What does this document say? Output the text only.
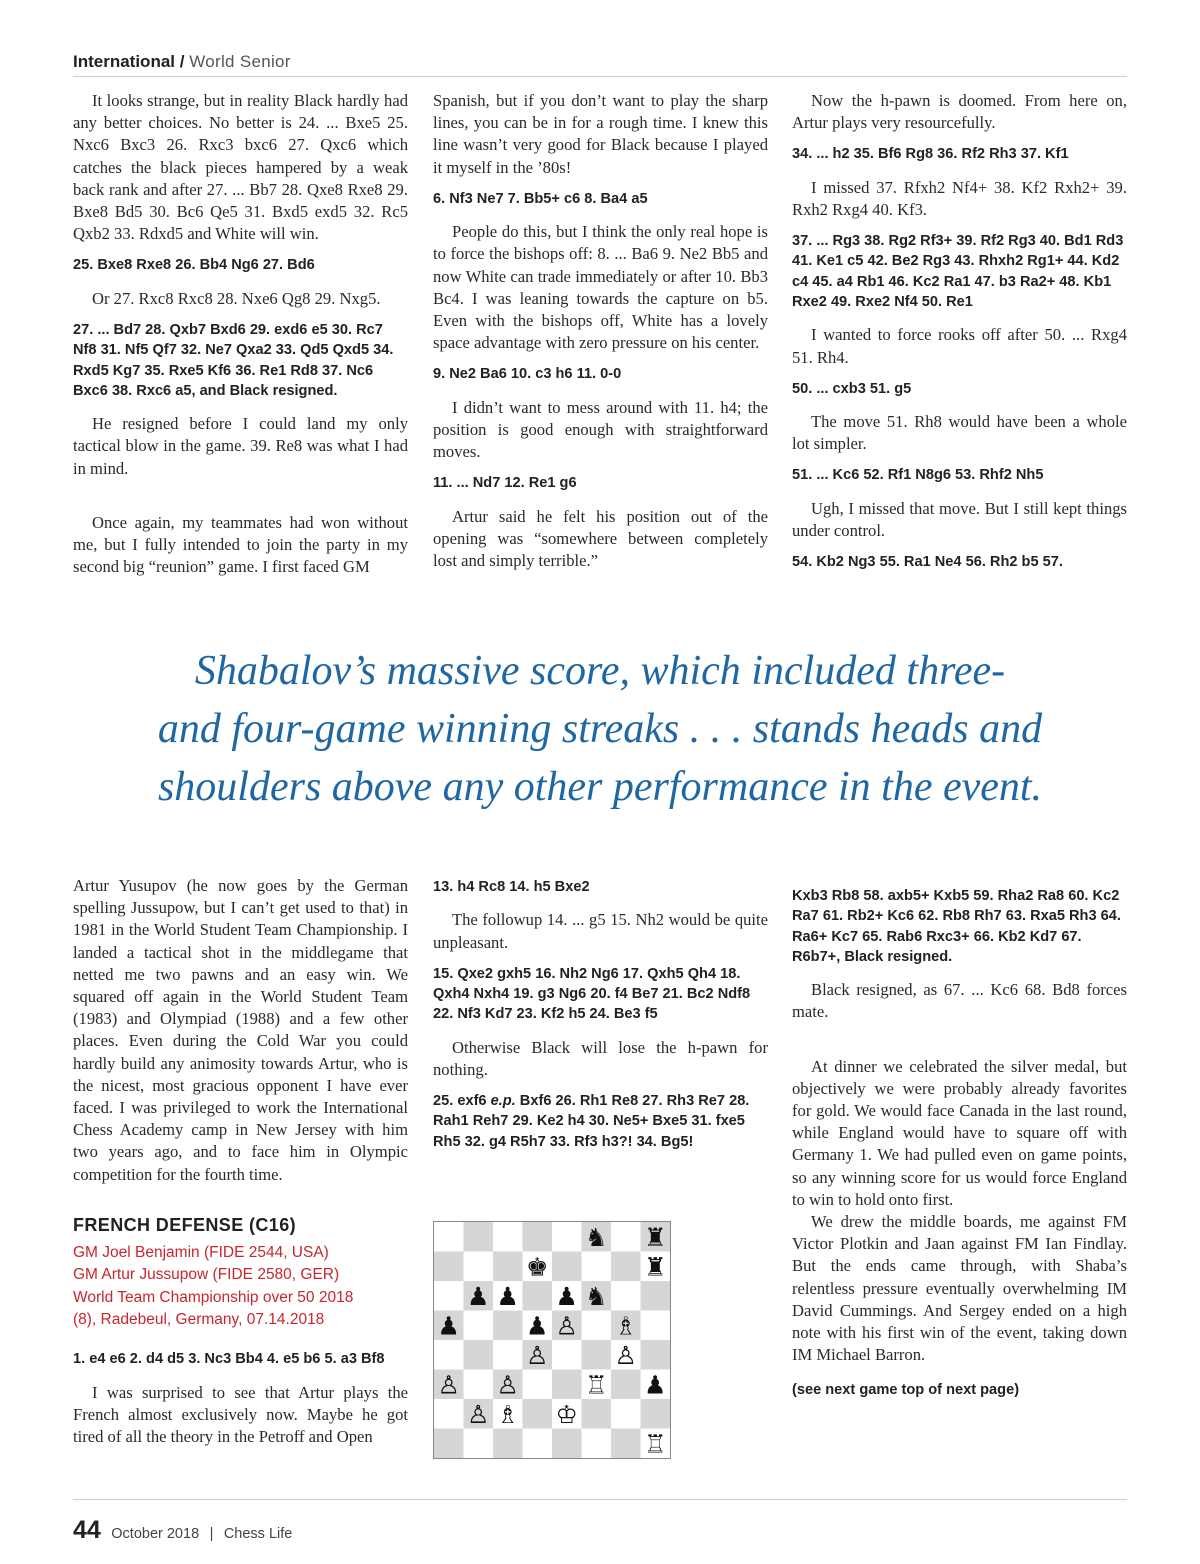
International / World Senior

It looks strange, but in reality Black hardly had any better choices. No better is 24. ... Bxe5 25. Nxc6 Bxc3 26. Rxc3 bxc6 27. Qxc6 which catches the black pieces hampered by a weak back rank and after 27. ... Bb7 28. Qxe8 Rxe8 29. Bxe8 Bd5 30. Bc6 Qe5 31. Bxd5 exd5 32. Rc5 Qxb2 33. Rdxd5 and White will win.

25. Bxe8 Rxe8 26. Bb4 Ng6 27. Bd6

Or 27. Rxc8 Rxc8 28. Nxe6 Qg8 29. Nxg5.

27. ... Bd7 28. Qxb7 Bxd6 29. exd6 e5 30. Rc7 Nf8 31. Nf5 Qf7 32. Ne7 Qxa2 33. Qd5 Qxd5 34. Rxd5 Kg7 35. Rxe5 Kf6 36. Re1 Rd8 37. Nc6 Bxc6 38. Rxc6 a5, and Black resigned.

He resigned before I could land my only tactical blow in the game. 39. Re8 was what I had in mind.

Once again, my teammates had won without me, but I fully intended to join the party in my second big “reunion” game. I first faced GM

Spanish, but if you don’t want to play the sharp lines, you can be in for a rough time. I knew this line wasn’t very good for Black because I played it myself in the ’80s!

6. Nf3 Ne7 7. Bb5+ c6 8. Ba4 a5

People do this, but I think the only real hope is to force the bishops off: 8. ... Ba6 9. Ne2 Bb5 and now White can trade immediately or after 10. Bb3 Bc4. I was leaning towards the capture on b5. Even with the bishops off, White has a lovely space advantage with zero pressure on his center.

9. Ne2 Ba6 10. c3 h6 11. 0-0

I didn’t want to mess around with 11. h4; the position is good enough with straightforward moves.

11. ... Nd7 12. Re1 g6

Artur said he felt his position out of the opening was “somewhere between completely lost and simply terrible.”

Now the h-pawn is doomed. From here on, Artur plays very resourcefully.

34. ... h2 35. Bf6 Rg8 36. Rf2 Rh3 37. Kf1

I missed 37. Rfxh2 Nf4+ 38. Kf2 Rxh2+ 39. Rxh2 Rxg4 40. Kf3.

37. ... Rg3 38. Rg2 Rf3+ 39. Rf2 Rg3 40. Bd1 Rd3 41. Ke1 c5 42. Be2 Rg3 43. Rhxh2 Rg1+ 44. Kd2 c4 45. a4 Rb1 46. Kc2 Ra1 47. b3 Ra2+ 48. Kb1 Rxe2 49. Rxe2 Nf4 50. Re1

I wanted to force rooks off after 50. ... Rxg4 51. Rh4.

50. ... cxb3 51. g5

The move 51. Rh8 would have been a whole lot simpler.

51. ... Kc6 52. Rf1 N8g6 53. Rhf2 Nh5

Ugh, I missed that move. But I still kept things under control.

54. Kb2 Ng3 55. Ra1 Ne4 56. Rh2 b5 57.

Shabalov’s massive score, which included three-
and four-game winning streaks . . . stands heads and
shoulders above any other performance in the event.

Artur Yusupov (he now goes by the German spelling Jussupow, but I can’t get used to that) in 1981 in the World Student Team Championship. I landed a tactical shot in the middlegame that netted me two pawns and an easy win. We squared off again in the World Student Team (1983) and Olympiad (1988) and a few other places. Even during the Cold War you could hardly build any animosity towards Artur, who is the nicest, most gracious opponent I have ever faced. I was privileged to work the International Chess Academy camp in New Jersey with him two years ago, and to face him in Olympic competition for the fourth time.

FRENCH DEFENSE (C16)
GM Joel Benjamin (FIDE 2544, USA)
GM Artur Jussupow (FIDE 2580, GER)
World Team Championship over 50 2018
(8), Radebeul, Germany, 07.14.2018

1. e4 e6 2. d4 d5 3. Nc3 Bb4 4. e5 b6 5. a3 Bf8

I was surprised to see that Artur plays the French almost exclusively now. Maybe he got tired of all the theory in the Petroff and Open

13. h4 Rc8 14. h5 Bxe2

The followup 14. ... g5 15. Nh2 would be quite unpleasant.

15. Qxe2 gxh5 16. Nh2 Ng6 17. Qxh5 Qh4 18. Qxh4 Nxh4 19. g3 Ng6 20. f4 Be7 21. Bc2 Ndf8 22. Nf3 Kd7 23. Kf2 h5 24. Be3 f5

Otherwise Black will lose the h-pawn for nothing.

25. exf6 e.p. Bxf6 26. Rh1 Re8 27. Rh3 Re7 28. Rah1 Reh7 29. Ke2 h4 30. Ne5+ Bxe5 31. fxe5 Rh5 32. g4 R5h7 33. Rf3 h3?! 34. Bg5!

♞ ♜
♚	♜
♟ ♟ ♟ ♞
♟	♟ ♙ ♗
♙	♙
♙ ♙	♖ ♟
♙ ♗ ♔
♖

Kxb3 Rb8 58. axb5+ Kxb5 59. Rha2 Ra8 60. Kc2 Ra7 61. Rb2+ Kc6 62. Rb8 Rh7 63. Rxa5 Rh3 64. Ra6+ Kc7 65. Rab6 Rxc3+ 66. Kb2 Kd7 67. R6b7+, Black resigned.

Black resigned, as 67. ... Kc6 68. Bd8 forces mate.

At dinner we celebrated the silver medal, but objectively we were probably already favorites for gold. We would face Canada in the last round, while England would have to square off with Germany 1. We had pulled even on game points, so any winning score for us would force England to win to hold onto first.

We drew the middle boards, me against FM Victor Plotkin and Jaan against FM Ian Findlay. But the ends came through, with Shaba’s relentless pressure eventually overwhelming IM David Cummings. And Sergey ended on a high note with his first win of the event, taking down IM Michael Barron.

(see next game top of next page)

44 October 2018 | Chess Life
